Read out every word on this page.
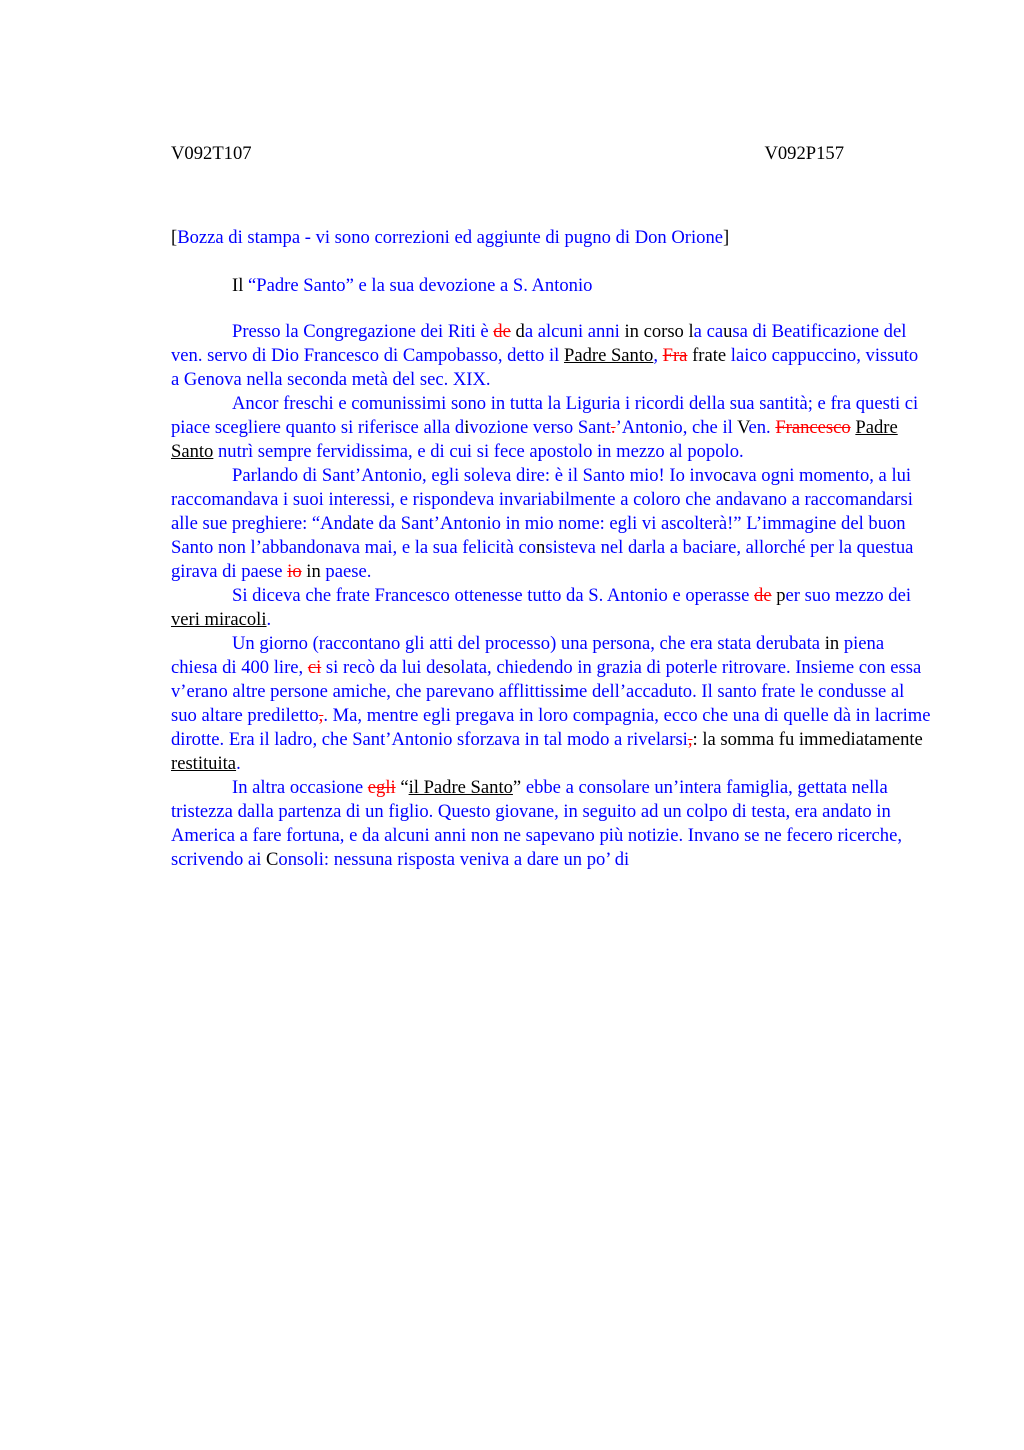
V092T107	V092P157
[Bozza di stampa - vi sono correzioni ed aggiunte di pugno di Don Orione]
Il “Padre Santo” e la sua devozione a S. Antonio

Presso la Congregazione dei Riti è de da alcuni anni in corso la causa di Beatificazione del ven. servo di Dio Francesco di Campobasso, detto il Padre Santo, Fra frate laico cappuccino, vissuto a Genova nella seconda metà del sec. XIX.

Ancor freschi e comunissimi sono in tutta la Liguria i ricordi della sua santità; e fra questi ci piace scegliere quanto si riferisce alla divozione verso Sant.’Antonio, che il Ven. Francesco Padre Santo nutrì sempre fervidissima, e di cui si fece apostolo in mezzo al popolo.

Parlando di Sant’Antonio, egli soleva dire: è il Santo mio! Io invocava ogni momento, a lui raccomandava i suoi interessi, e rispondeva invariabilmente a coloro che andavano a raccomandarsi alle sue preghiere: “Andate da Sant’Antonio in mio nome: egli vi ascolterà!” L’immagine del buon Santo non l’abbandonava mai, e la sua felicità consisteva nel darla a baciare, allorché per la questua girava di paese io in paese.

Si diceva che frate Francesco ottenesse tutto da S. Antonio e operasse de per suo mezzo dei veri miracoli.

Un giorno (raccontano gli atti del processo) una persona, che era stata derubata in piena chiesa di 400 lire, ci si recò da lui desolata, chiedendo in grazia di poterle ritrovare. Insieme con essa v’erano altre persone amiche, che parevano afflittissime dell’accaduto. Il santo frate le condusse al suo altare prediletto,. Ma, mentre egli pregava in loro compagnia, ecco che una di quelle dà in lacrime dirotte. Era il ladro, che Sant’Antonio sforzava in tal modo a rivelarsi,: la somma fu immediatamente restituita.

In altra occasione egli “il Padre Santo” ebbe a consolare un’intera famiglia, gettata nella tristezza dalla partenza di un figlio. Questo giovane, in seguito ad un colpo di testa, era andato in America a fare fortuna, e da alcuni anni non ne sapevano più notizie. Invano se ne fecero ricerche, scrivendo ai Consoli: nessuna risposta veniva a dare un po’ di
